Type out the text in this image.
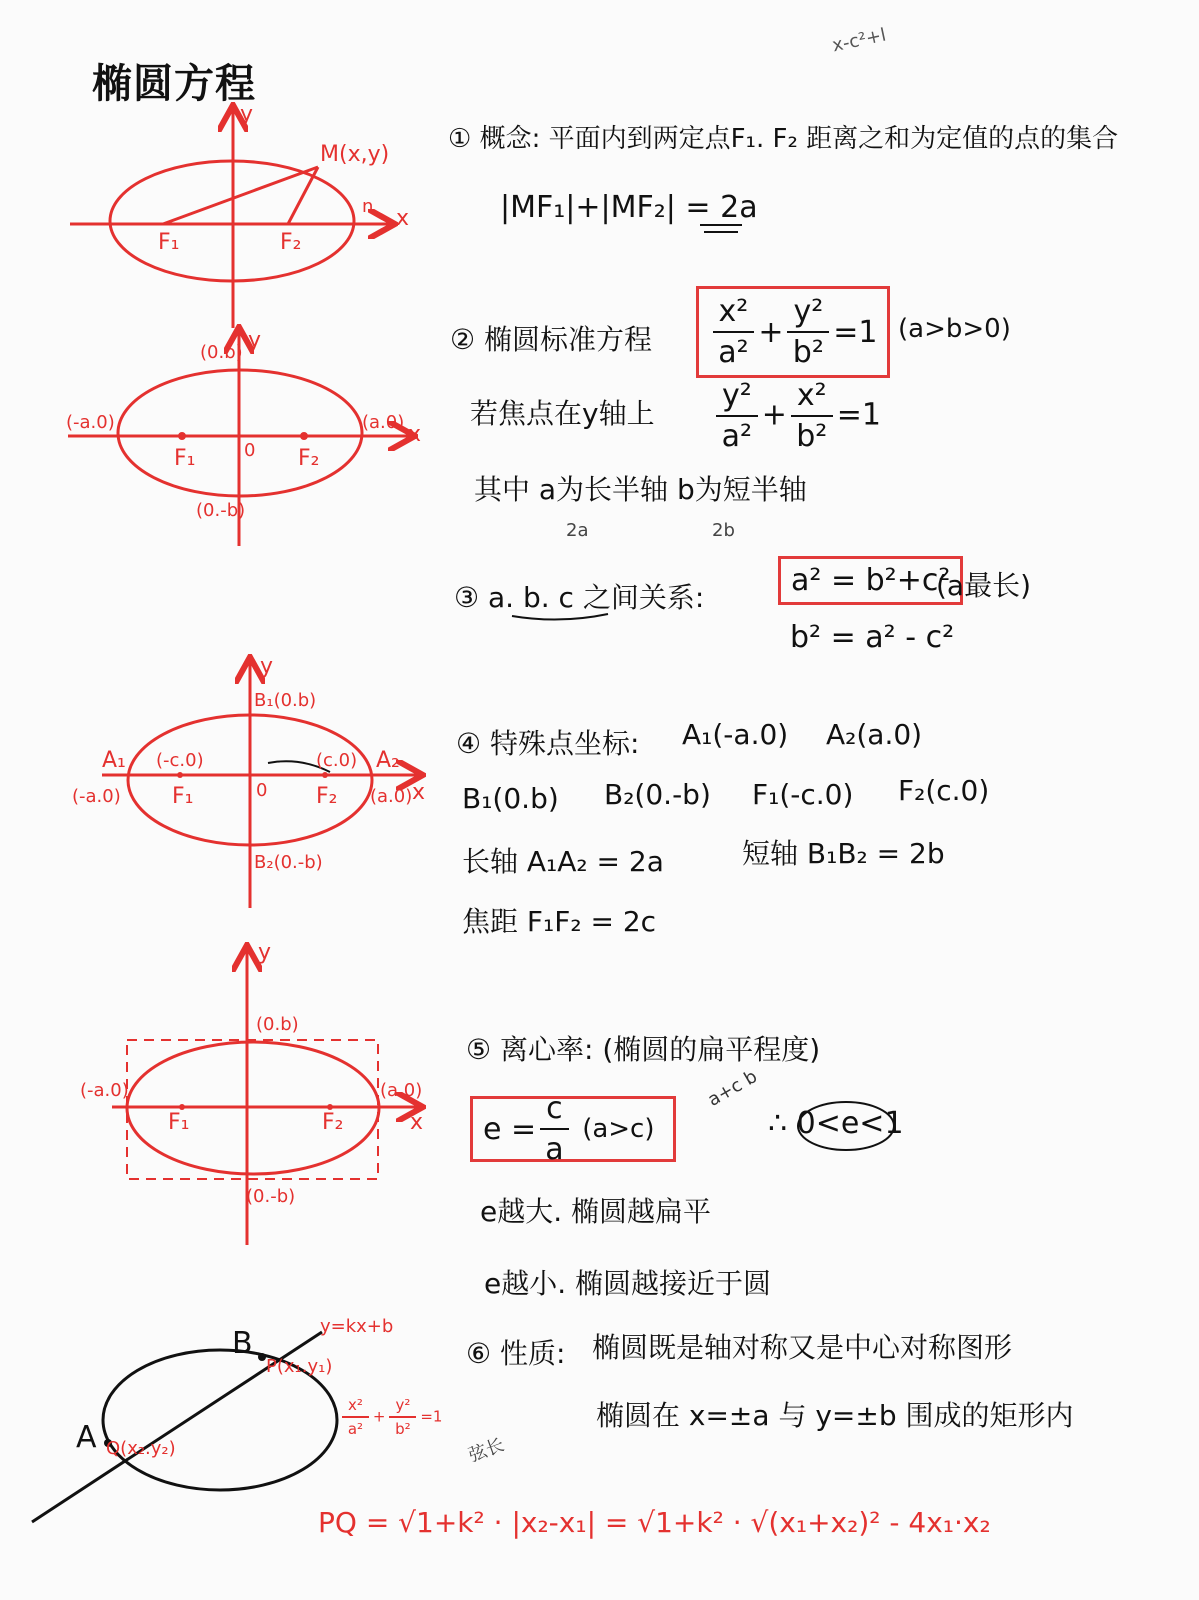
椭圆方程
x-c²+l
y
x
M(x,y)
F₁	F₂
n
y
x
(0.b)
(0.-b)
(-a.0)	(a.0)
F₁	F₂
0
y
x
B₁(0.b)
B₂(0.-b)
A₁	A₂
(-a.0)	(a.0)
(-c.0)	(c.0)
F₁	F₂
0
y
x
(0.b)
(0.-b)
(-a.0)	(a.0)
F₁	F₂
B
A
P(x₁.y₁)
Q(x₂.y₂)
y=kx+b
$\frac{\text{x²}}{\text{a²}} + \frac{\text{y²}}{\text{b²}} =1$
① 概念: 平面内到两定点F₁. F₂ 距离之和为定值的点的集合
|MF₁|+|MF₂| = 2a
② 椭圆标准方程 $\frac{\text{x²}}{\text{a²}} + \frac{\text{y²}}{\text{b²}} =1$ (a>b>0)
若焦点在y轴上 $\frac{\text{y²}}{\text{a²}} + \frac{\text{x²}}{\text{b²}} =1$
其中 a为长半轴 b为短半轴
2a	2b
③ a. b. c 之间关系:	a² = b²+c²
(a最长)
b² = a² - c²
④ 特殊点坐标: A₁(-a.0) A₂(a.0)
B₁(0.b) B₂(0.-b) F₁(-c.0) F₂(c.0)
长轴 A₁A₂ = 2a	短轴 B₁B₂ = 2b
焦距 F₁F₂ = 2c
⑤ 离心率: (椭圆的扁平程度)
$e = \frac{c}{a}$
(a>c)
a+c b
∴ 0<e<1
e越大. 椭圆越扁平
e越小. 椭圆越接近于圆
⑥ 性质: 椭圆既是轴对称又是中心对称图形
椭圆在 x=±a 与 y=±b 围成的矩形内
弦长
PQ = √1+k² · |x₂-x₁| = √1+k² · √(x₁+x₂)² - 4x₁·x₂
